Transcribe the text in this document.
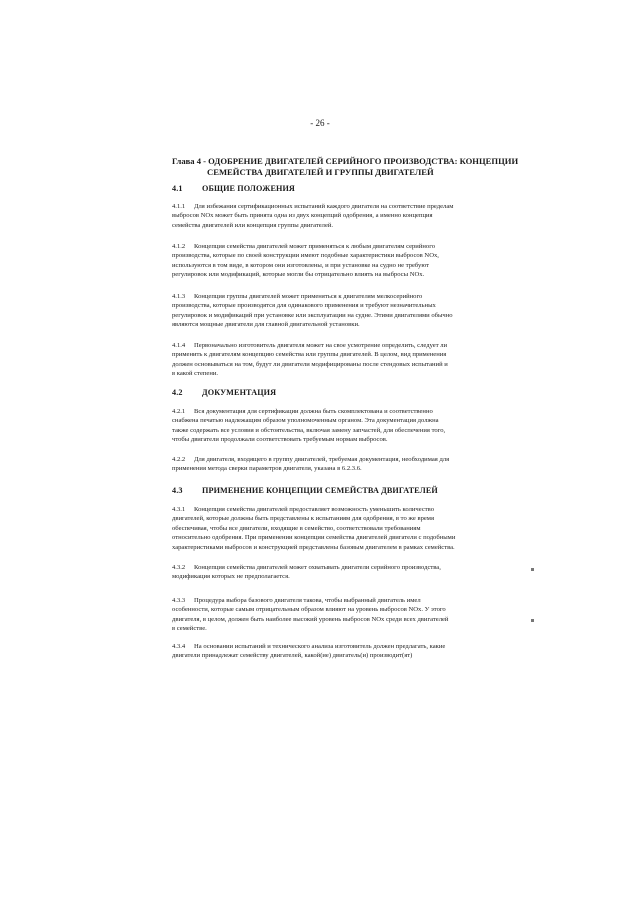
- 26 -
Глава 4 - ОДОБРЕНИЕ ДВИГАТЕЛЕЙ СЕРИЙНОГО ПРОИЗВОДСТВА: КОНЦЕПЦИИ
СЕМЕЙСТВА ДВИГАТЕЛЕЙ И ГРУППЫ ДВИГАТЕЛЕЙ
4.1 ОБЩИЕ ПОЛОЖЕНИЯ
4.1.1 Для избежания сертификационных испытаний каждого двигателя на соответствие пределам
выбросов NOx может быть принята одна из двух концепций одобрения, а именно концепция
семейства двигателей или концепция группы двигателей.
4.1.2 Концепция семейства двигателей может применяться к любым двигателям серийного
производства, которые по своей конструкции имеют подобные характеристики выбросов NOx,
используются в том виде, в котором они изготовлены, и при установке на судно не требуют
регулировок или модификаций, которые могли бы отрицательно влиять на выбросы NOx.
4.1.3 Концепция группы двигателей может применяться к двигателям мелкосерийного
производства, которые производятся для одинакового применения и требуют незначительных
регулировок и модификаций при установке или эксплуатации на судне. Этими двигателями обычно
являются мощные двигатели для главной двигательной установки.
4.1.4 Первоначально изготовитель двигателя может на свое усмотрение определить, следует ли
применить к двигателям концепцию семейства или группы двигателей. В целом, вид применения
должен основываться на том, будут ли двигатели модифицированы после стендовых испытаний и
в какой степени.
4.2 ДОКУМЕНТАЦИЯ
4.2.1 Вся документация для сертификации должна быть скомплектована и соответственно
снабжена печатью надлежащим образом уполномоченным органом. Эта документация должна
также содержать все условия и обстоятельства, включая замену запчастей, для обеспечения того,
чтобы двигатели продолжали соответствовать требуемым нормам выбросов.
4.2.2 Для двигателя, входящего в группу двигателей, требуемая документация, необходимая для
применения метода сверки параметров двигателя, указана в 6.2.3.6.
4.3 ПРИМЕНЕНИЕ КОНЦЕПЦИИ СЕМЕЙСТВА ДВИГАТЕЛЕЙ
4.3.1 Концепция семейства двигателей предоставляет возможность уменьшить количество
двигателей, которые должны быть представлены к испытаниям для одобрения, в то же время
обеспечивая, чтобы все двигатели, входящие в семейство, соответствовали требованиям
относительно одобрения. При применении концепции семейства двигателей двигатели с подобными
характеристиками выбросов и конструкцией представлены базовым двигателем в рамках семейства.
4.3.2 Концепция семейства двигателей может охватывать двигатели серийного производства,
модификация которых не предполагается.
4.3.3 Процедура выбора базового двигателя такова, чтобы выбранный двигатель имел
особенности, которые самым отрицательным образом влияют на уровень выбросов NOx. У этого
двигателя, в целом, должен быть наиболее высокий уровень выбросов NOx среди всех двигателей
в семействе.
4.3.4 На основании испытаний и технического анализа изготовитель должен предлагать, какие
двигатели принадлежат семейству двигателей, какой(ие) двигатель(и) производит(ят)
